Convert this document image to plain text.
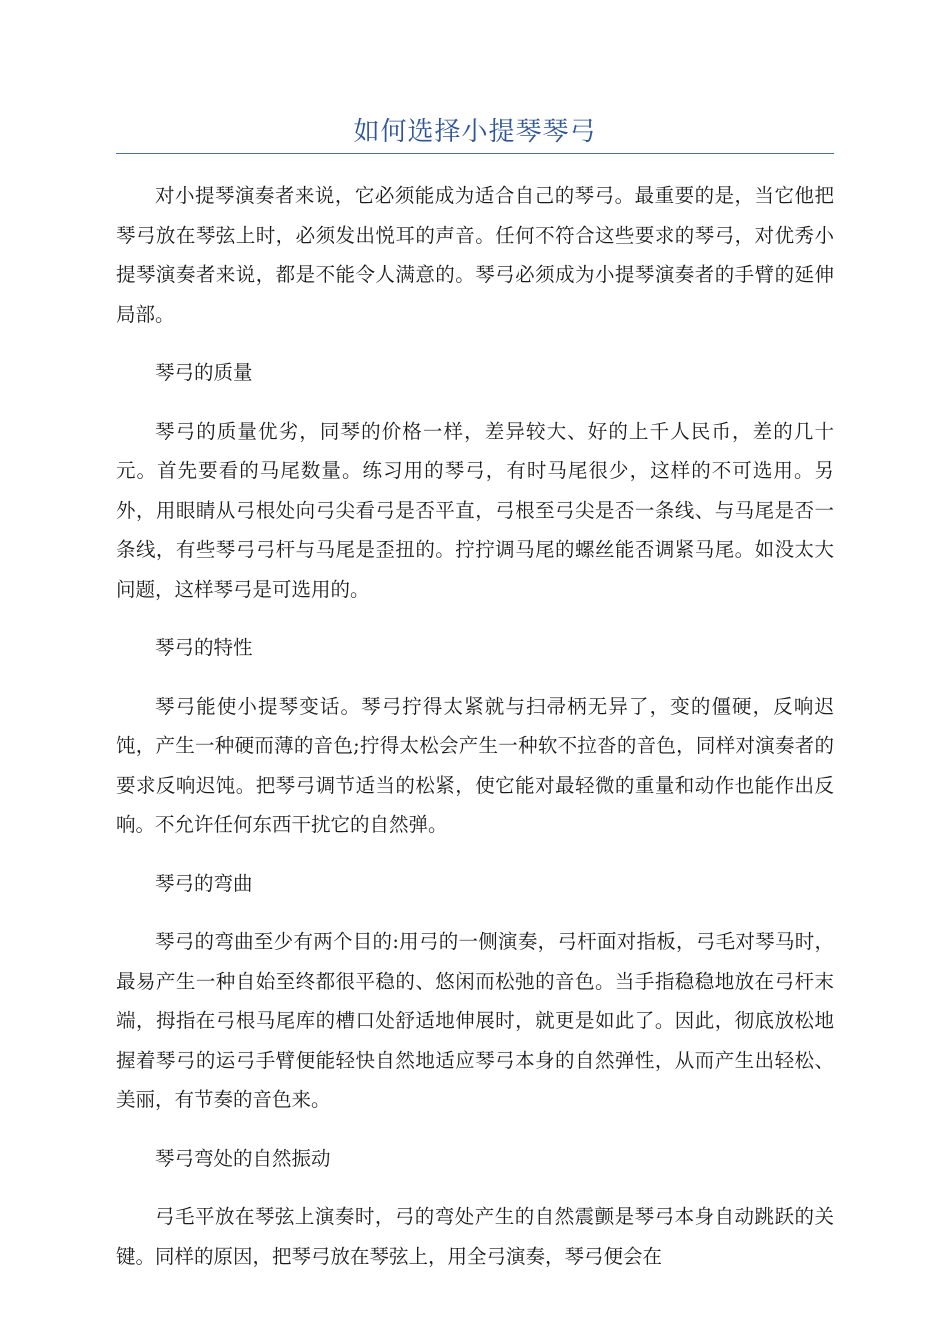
如何选择小提琴琴弓

对小提琴演奏者来说，它必须能成为适合自己的琴弓。最重要的是，当它他把琴弓放在琴弦上时，必须发出悦耳的声音。任何不符合这些要求的琴弓，对优秀小提琴演奏者来说，都是不能令人满意的。琴弓必须成为小提琴演奏者的手臂的延伸局部。

琴弓的质量

琴弓的质量优劣，同琴的价格一样，差异较大、好的上千人民币，差的几十元。首先要看的马尾数量。练习用的琴弓，有时马尾很少，这样的不可选用。另外，用眼睛从弓根处向弓尖看弓是否平直，弓根至弓尖是否一条线、与马尾是否一条线，有些琴弓弓杆与马尾是歪扭的。拧拧调马尾的螺丝能否调紧马尾。如没太大问题，这样琴弓是可选用的。

琴弓的特性

琴弓能使小提琴变话。琴弓拧得太紧就与扫帚柄无异了，变的僵硬，反响迟饨，产生一种硬而薄的音色;拧得太松会产生一种软不拉沓的音色，同样对演奏者的要求反响迟饨。把琴弓调节适当的松紧，使它能对最轻微的重量和动作也能作出反响。不允许任何东西干扰它的自然弹。

琴弓的弯曲

琴弓的弯曲至少有两个目的:用弓的一侧演奏，弓杆面对指板，弓毛对琴马时，最易产生一种自始至终都很平稳的、悠闲而松弛的音色。当手指稳稳地放在弓杆末端，拇指在弓根马尾库的槽口处舒适地伸展时，就更是如此了。因此，彻底放松地握着琴弓的运弓手臂便能轻快自然地适应琴弓本身的自然弹性，从而产生出轻松、美丽，有节奏的音色来。

琴弓弯处的自然振动

弓毛平放在琴弦上演奏时，弓的弯处产生的自然震颤是琴弓本身自动跳跃的关键。同样的原因，把琴弓放在琴弦上，用全弓演奏，琴弓便会在
